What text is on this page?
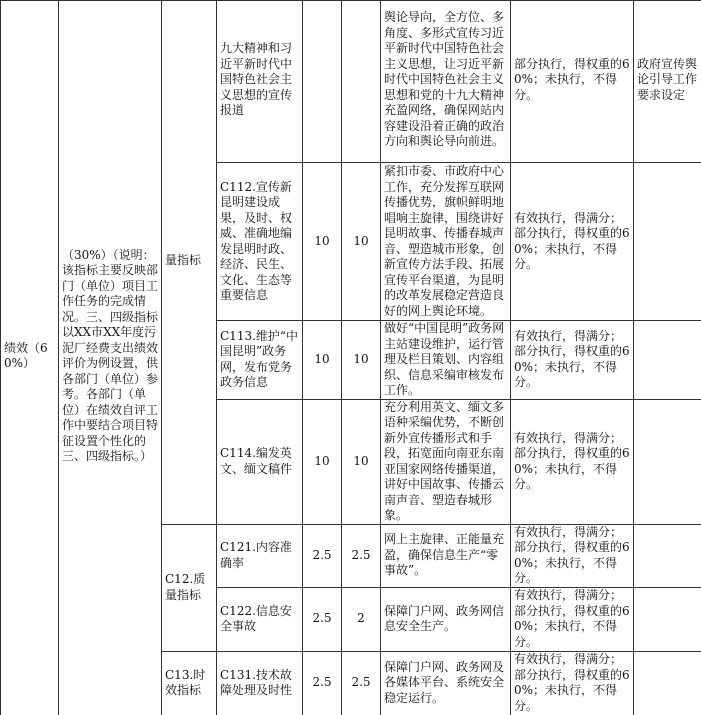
绩效（60%）	（30%）（说明：该指标主要反映部门（单位）项目工作任务的完成情况。三、四级指标以XX市XX年度污泥厂经费支出绩效评价为例设置，供各部门（单位）参考。各部门（单位）在绩效自评工作中要结合项目特征设置个性化的三、四级指标。）	量指标	九大精神和习近平新时代中国特色社会主义思想的宣传报道			舆论导向，全方位、多角度、多形式宣传习近平新时代中国特色社会主义思想，让习近平新时代中国特色社会主义思想和党的十九大精神充盈网络，确保网站内容建设沿着正确的政治方向和舆论导向前进。	部分执行，得权重的60%；未执行，不得分。	政府宣传舆论引导工作要求设定

			C112.宣传新昆明建设成果，及时、权威、准确地编发昆明时政、经济、民生、文化、生态等重要信息	10	10	紧扣市委、市政府中心工作，充分发挥互联网传播优势，旗帜鲜明地唱响主旋律，围绕讲好昆明故事、传播春城声音、塑造城市形象，创新宣传方法手段、拓展宣传平台渠道，为昆明的改革发展稳定营造良好的网上舆论环境。	有效执行，得满分；部分执行，得权重的60%；未执行，不得分。	

			C113.维护“中国昆明”政务网，发布党务政务信息	10	10	做好“中国昆明”政务网主站建设维护，运行管理及栏目策划、内容组织、信息采编审核发布工作。	有效执行，得满分；部分执行，得权重的60%；未执行，不得分。	

			C114.编发英文、缅文稿件	10	10	充分利用英文、缅文多语种采编优势，不断创新外宣传播形式和手段，拓宽面向南亚东南亚国家网络传播渠道，讲好中国故事、传播云南声音、塑造春城形象。	有效执行，得满分；部分执行，得权重的60%；未执行，不得分。	

		C12.质量指标	C121.内容准确率	2.5	2.5	网上主旋律、正能量充盈，确保信息生产“零事故”。	有效执行，得满分；部分执行，得权重的60%；未执行，不得分。	

			C122.信息安全事故	2.5	2	保障门户网、政务网信息安全生产。	有效执行，得满分；部分执行，得权重的60%；未执行，不得分。	

		C13.时效指标	C131.技术故障处理及时性	2.5	2.5	保障门户网、政务网及各媒体平台、系统安全稳定运行。	有效执行，得满分；部分执行，得权重的60%；未执行，不得分。	
